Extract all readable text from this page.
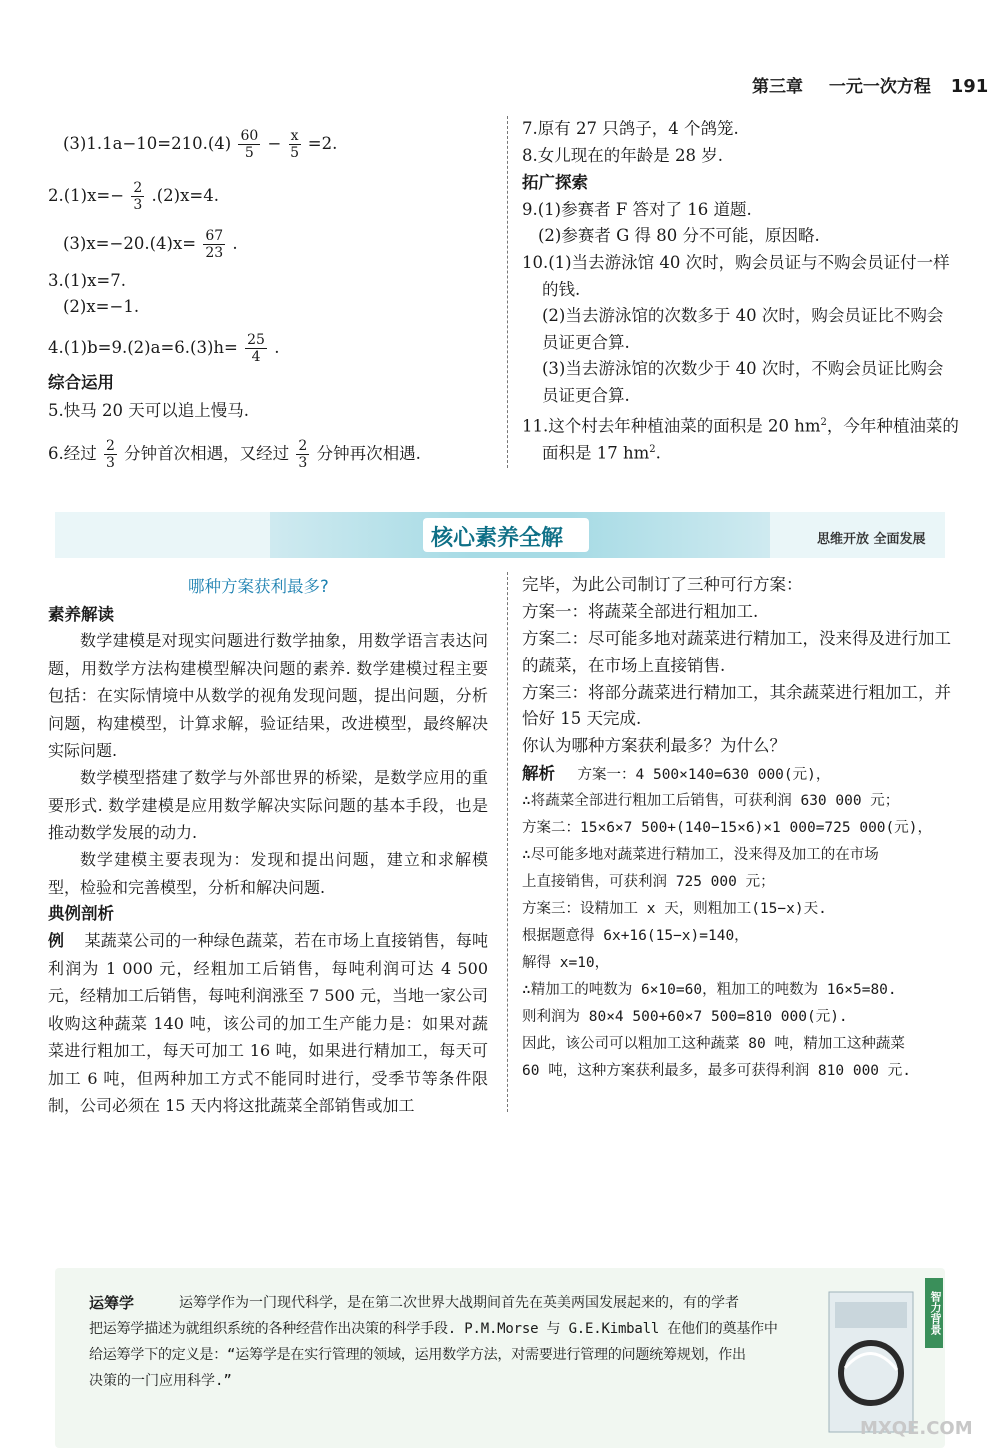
第三章 一元一次方程 191
$(3)1.1a-10=210.(4) \frac{60}{5} - \frac{x}{5} =2$.
$2.(1)x=- \frac{2}{3} .(2)x=4$.
$(3)x=-20.(4)x= \frac{67}{23}$ .
3.(1)x=7.
(2)x=−1.
$4.(1)b=9.(2)a=6.(3)h= \frac{25}{4}$ .
综合运用
5.快马 20 天可以追上慢马.
6.经过 $\frac{2}{3}$ 分钟首次相遇，又经过 $\frac{2}{3}$ 分钟再次相遇.
7.原有 27 只鸽子，4 个鸽笼.
8.女儿现在的年龄是 28 岁.
拓广探索
9.(1)参赛者 F 答对了 16 道题.
(2)参赛者 G 得 80 分不可能，原因略.
10.(1)当去游泳馆 40 次时，购会员证与不购会员证付一样
的钱.
(2)当去游泳馆的次数多于 40 次时，购会员证比不购会
员证更合算.
(3)当去游泳馆的次数少于 40 次时，不购会员证比购会
员证更合算.
11.这个村去年种植油菜的面积是 20 $hm^2$，今年种植油菜的
面积是 17 $hm^2$.
核心素养全解	思维开放 全面发展
哪种方案获利最多?
素养解读
数学建模是对现实问题进行数学抽象，用数学语言表达问题，用数学方法构建模型解决问题的素养. 数学建模过程主要包括：在实际情境中从数学的视角发现问题，提出问题，分析问题，构建模型，计算求解，验证结果，改进模型，最终解决实际问题.
数学模型搭建了数学与外部世界的桥梁，是数学应用的重要形式. 数学建模是应用数学解决实际问题的基本手段，也是推动数学发展的动力.
数学建模主要表现为：发现和提出问题，建立和求解模型，检验和完善模型，分析和解决问题.
典例剖析
例 某蔬菜公司的一种绿色蔬菜，若在市场上直接销售，每吨利润为 1 000 元，经粗加工后销售，每吨利润可达 4 500 元，经精加工后销售，每吨利润涨至 7 500 元，当地一家公司收购这种蔬菜 140 吨，该公司的加工生产能力是：如果对蔬菜进行粗加工，每天可加工 16 吨，如果进行精加工，每天可加工 6 吨，但两种加工方式不能同时进行，受季节等条件限制，公司必须在 15 天内将这批蔬菜全部销售或加工
完毕，为此公司制订了三种可行方案：
方案一：将蔬菜全部进行粗加工.
方案二：尽可能多地对蔬菜进行精加工，没来得及进行加工
的蔬菜，在市场上直接销售.
方案三：将部分蔬菜进行精加工，其余蔬菜进行粗加工，并
恰好 15 天完成.
你认为哪种方案获利最多？为什么？
解析 方案一：4 500×140=630 000(元)，
∴将蔬菜全部进行粗加工后销售，可获利润 630 000 元；
方案二：15×6×7 500+(140−15×6)×1 000=725 000(元)，
∴尽可能多地对蔬菜进行精加工，没来得及加工的在市场
上直接销售，可获利润 725 000 元；
方案三：设精加工 x 天，则粗加工(15−x)天.
根据题意得 6x+16(15−x)=140，
解得 x=10，
∴精加工的吨数为 6×10=60，粗加工的吨数为 16×5=80.
则利润为 80×4 500+60×7 500=810 000(元).
因此，该公司可以粗加工这种蔬菜 80 吨，精加工这种蔬菜
60 吨，这种方案获利最多，最多可获得利润 810 000 元.
运筹学	运筹学作为一门现代科学，是在第二次世界大战期间首先在英美两国发展起来的，有的学者
把运筹学描述为就组织系统的各种经营作出决策的科学手段. P.M.Morse 与 G.E.Kimball 在他们的奠基作中
给运筹学下的定义是：“运筹学是在实行管理的领域，运用数学方法，对需要进行管理的问题统筹规划，作出
决策的一门应用科学.”
智力背景
MXQE.COM
